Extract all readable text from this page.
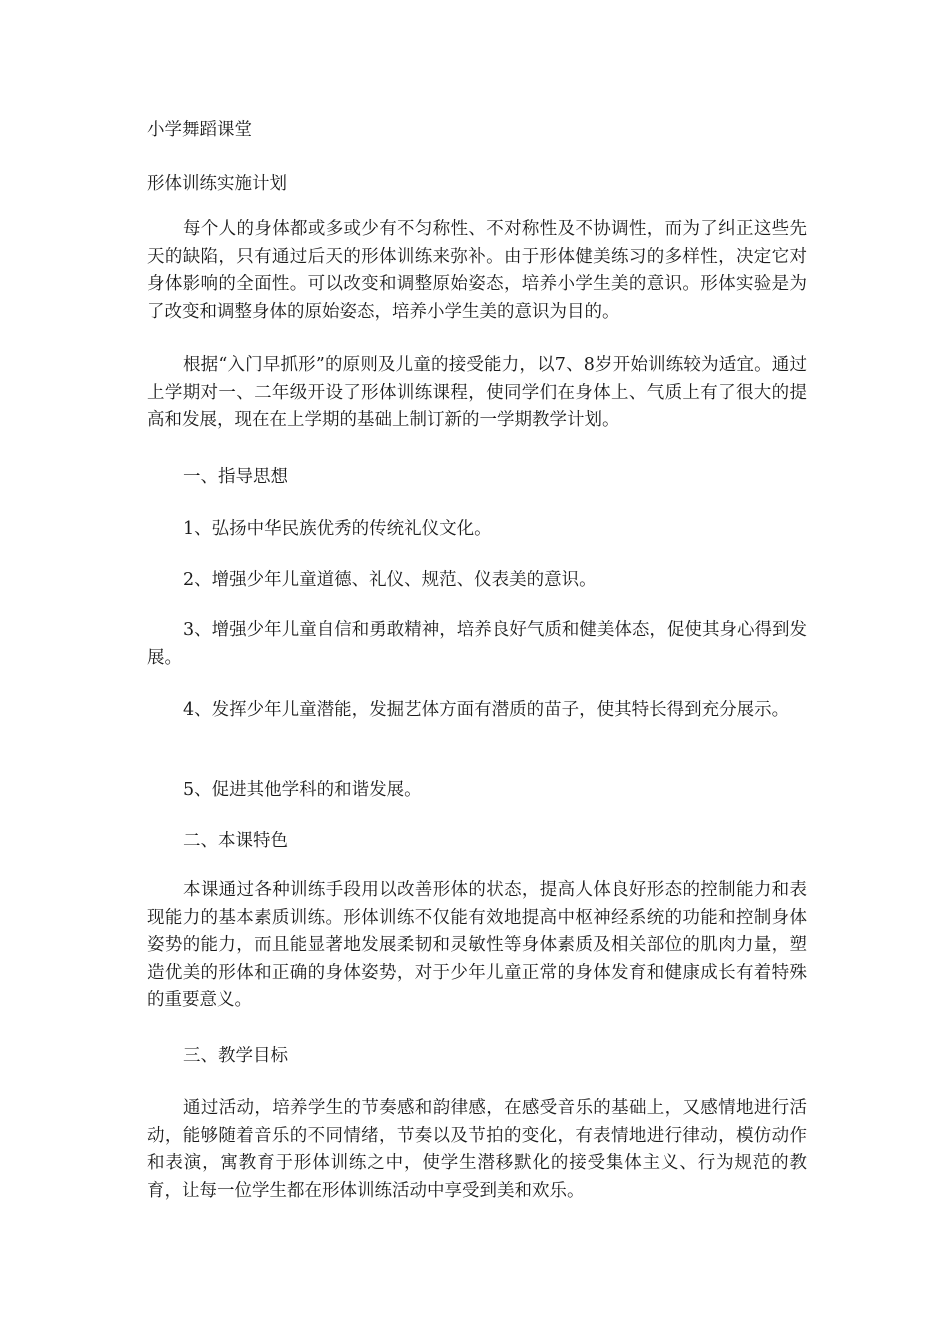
小学舞蹈课堂
形体训练实施计划

每个人的身体都或多或少有不匀称性、不对称性及不协调性，而为了纠正这些先天的缺陷，只有通过后天的形体训练来弥补。由于形体健美练习的多样性，决定它对身体影响的全面性。可以改变和调整原始姿态，培养小学生美的意识。形体实验是为了改变和调整身体的原始姿态，培养小学生美的意识为目的。

根据“入门早抓形”的原则及儿童的接受能力，以7、8岁开始训练较为适宜。通过上学期对一、二年级开设了形体训练课程，使同学们在身体上、气质上有了很大的提高和发展，现在在上学期的基础上制订新的一学期教学计划。

一、指导思想
1、弘扬中华民族优秀的传统礼仪文化。
2、增强少年儿童道德、礼仪、规范、仪表美的意识。

3、增强少年儿童自信和勇敢精神，培养良好气质和健美体态，促使其身心得到发展。

4、发挥少年儿童潜能，发掘艺体方面有潜质的苗子，使其特长得到充分展示。

5、促进其他学科的和谐发展。
二、本课特色

本课通过各种训练手段用以改善形体的状态，提高人体良好形态的控制能力和表现能力的基本素质训练。形体训练不仅能有效地提高中枢神经系统的功能和控制身体姿势的能力，而且能显著地发展柔韧和灵敏性等身体素质及相关部位的肌肉力量，塑造优美的形体和正确的身体姿势，对于少年儿童正常的身体发育和健康成长有着特殊的重要意义。

三、教学目标

通过活动，培养学生的节奏感和韵律感，在感受音乐的基础上，又感情地进行活动，能够随着音乐的不同情绪，节奏以及节拍的变化，有表情地进行律动，模仿动作和表演，寓教育于形体训练之中，使学生潜移默化的接受集体主义、行为规范的教育，让每一位学生都在形体训练活动中享受到美和欢乐。
